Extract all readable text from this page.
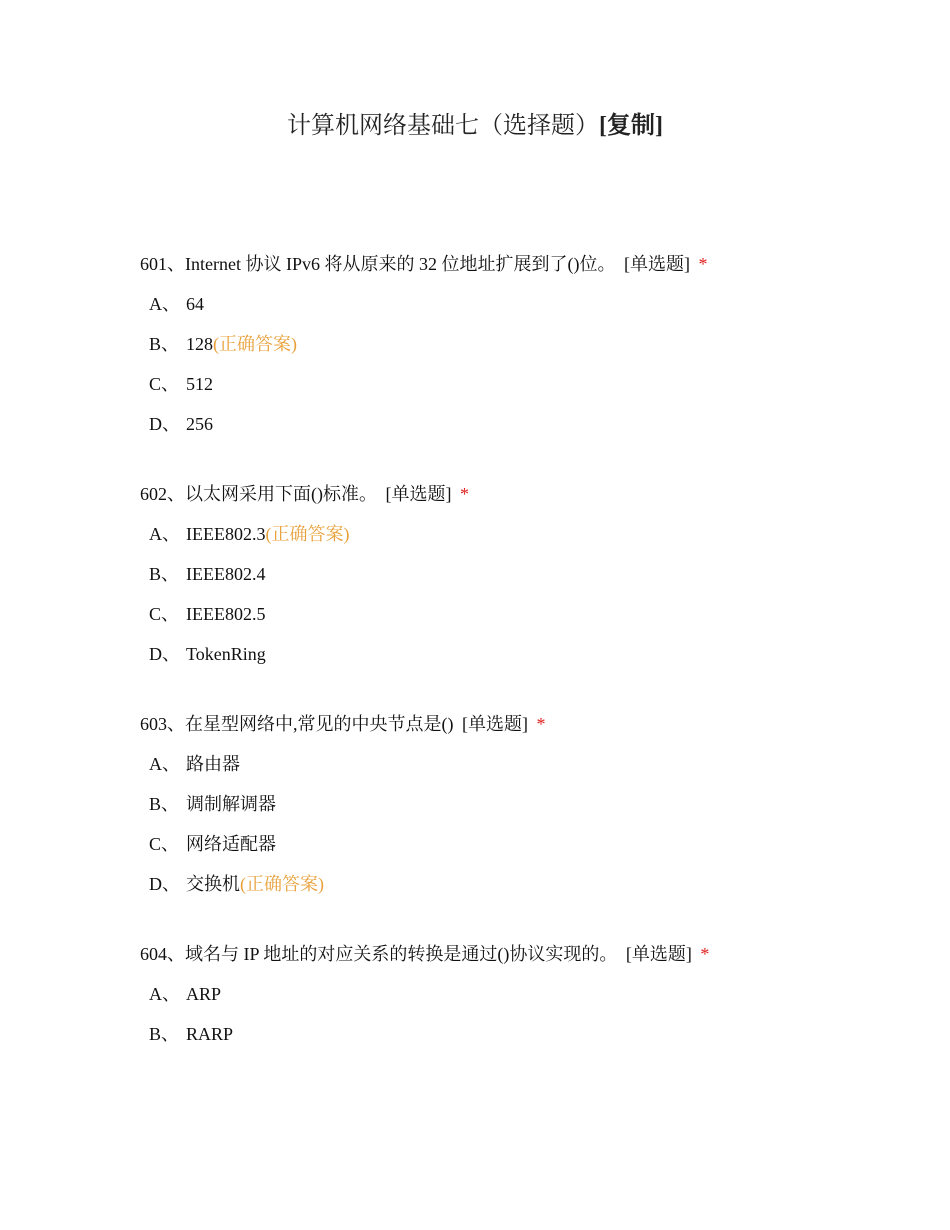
计算机网络基础七（选择题）[复制]
601、Internet 协议 IPv6 将从原来的 32 位地址扩展到了()位。 [单选题] *
A、 64
B、 128(正确答案)
C、 512
D、 256
602、以太网采用下面()标准。 [单选题] *
A、 IEEE802.3(正确答案)
B、 IEEE802.4
C、 IEEE802.5
D、 TokenRing
603、在星型网络中,常见的中央节点是() [单选题] *
A、 路由器
B、 调制解调器
C、 网络适配器
D、 交换机(正确答案)
604、域名与 IP 地址的对应关系的转换是通过()协议实现的。 [单选题] *
A、 ARP
B、 RARP
